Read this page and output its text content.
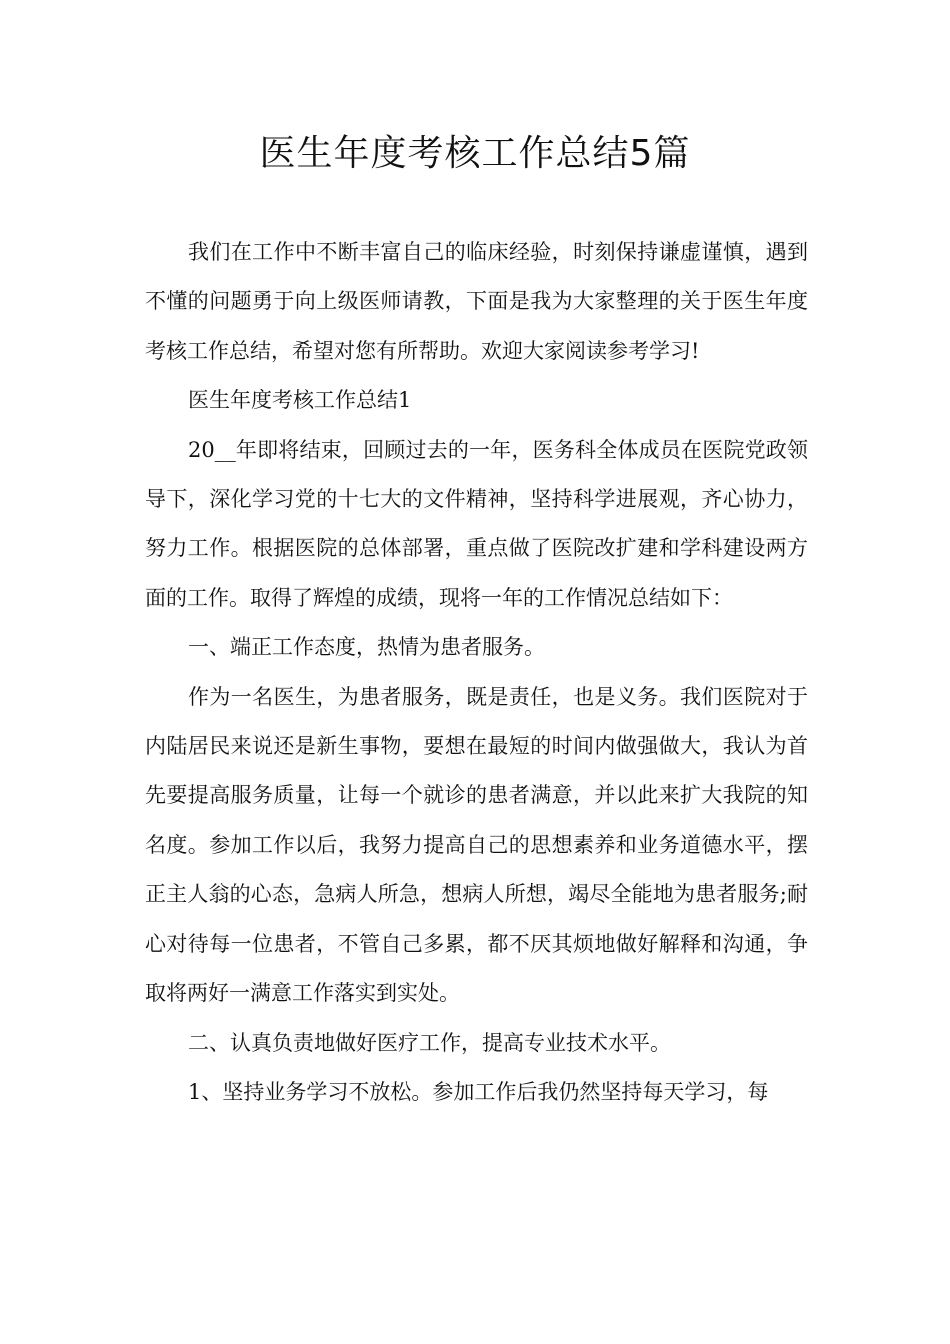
医生年度考核工作总结5篇

我们在工作中不断丰富自己的临床经验，时刻保持谦虚谨慎，遇到不懂的问题勇于向上级医师请教，下面是我为大家整理的关于医生年度考核工作总结，希望对您有所帮助。欢迎大家阅读参考学习!

医生年度考核工作总结1

20__年即将结束，回顾过去的一年，医务科全体成员在医院党政领导下，深化学习党的十七大的文件精神，坚持科学进展观，齐心协力，努力工作。根据医院的总体部署，重点做了医院改扩建和学科建设两方面的工作。取得了辉煌的成绩，现将一年的工作情况总结如下：

一、端正工作态度，热情为患者服务。

作为一名医生，为患者服务，既是责任，也是义务。我们医院对于内陆居民来说还是新生事物，要想在最短的时间内做强做大，我认为首先要提高服务质量，让每一个就诊的患者满意，并以此来扩大我院的知名度。参加工作以后，我努力提高自己的思想素养和业务道德水平，摆正主人翁的心态，急病人所急，想病人所想，竭尽全能地为患者服务;耐心对待每一位患者，不管自己多累，都不厌其烦地做好解释和沟通，争取将两好一满意工作落实到实处。

二、认真负责地做好医疗工作，提高专业技术水平。

1、坚持业务学习不放松。参加工作后我仍然坚持每天学习，每
